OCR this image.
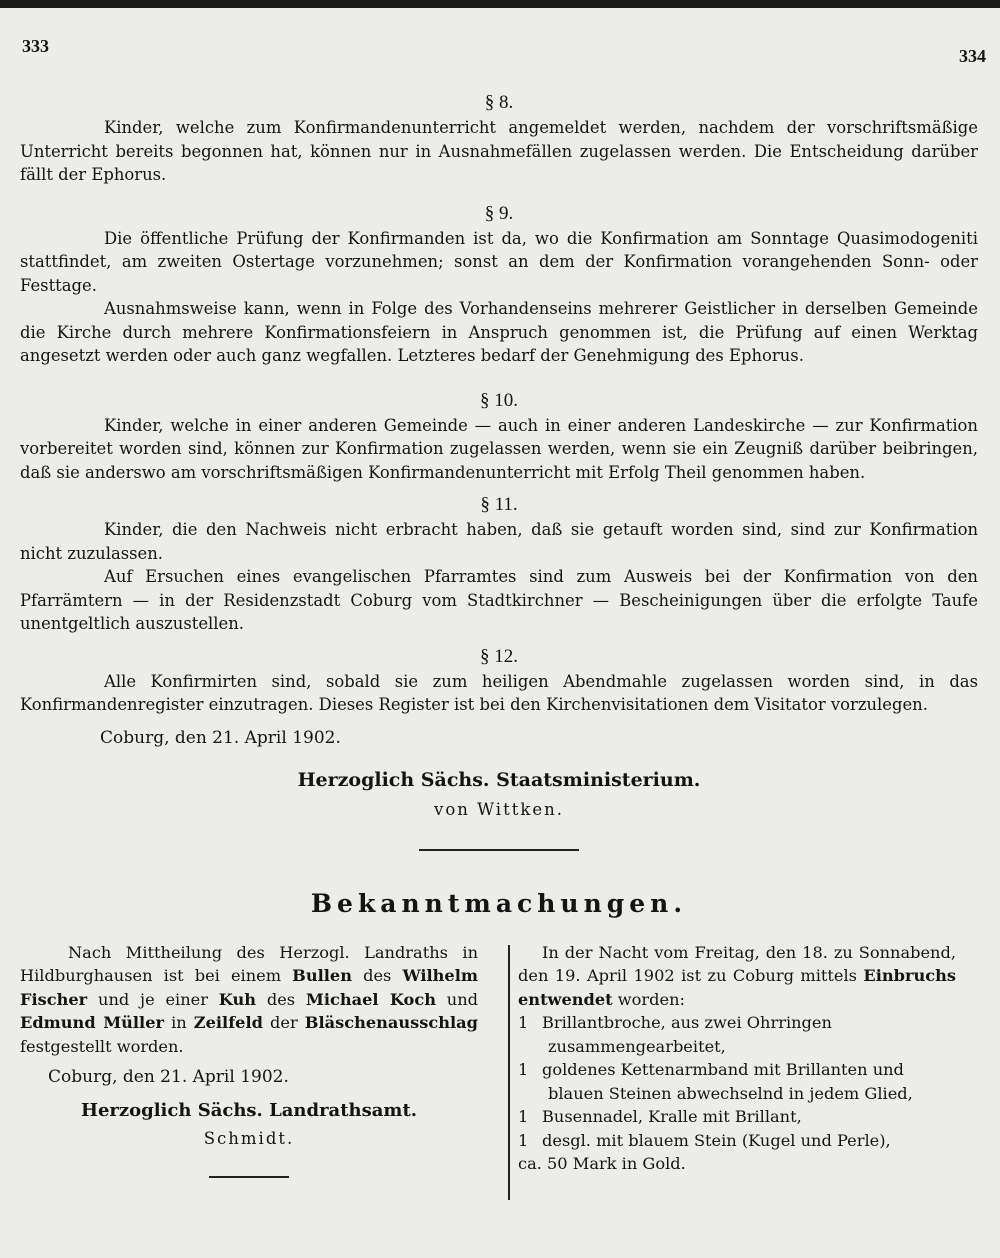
333	334

§ 8.

Kinder, welche zum Konfirmandenunterricht angemeldet werden, nachdem der vorschriftsmäßige Unterricht bereits begonnen hat, können nur in Ausnahmefällen zugelassen werden. Die Entscheidung darüber fällt der Ephorus.

§ 9.

Die öffentliche Prüfung der Konfirmanden ist da, wo die Konfirmation am Sonntage Quasimodogeniti stattfindet, am zweiten Ostertage vorzunehmen; sonst an dem der Konfirmation vorangehenden Sonn- oder Festtage.

Ausnahmsweise kann, wenn in Folge des Vorhandenseins mehrerer Geistlicher in derselben Gemeinde die Kirche durch mehrere Konfirmationsfeiern in Anspruch genommen ist, die Prüfung auf einen Werktag angesetzt werden oder auch ganz wegfallen. Letzteres bedarf der Genehmigung des Ephorus.

§ 10.

Kinder, welche in einer anderen Gemeinde — auch in einer anderen Landeskirche — zur Konfirmation vorbereitet worden sind, können zur Konfirmation zugelassen werden, wenn sie ein Zeugniß darüber beibringen, daß sie anderswo am vorschriftsmäßigen Konfirmandenunterricht mit Erfolg Theil genommen haben.

§ 11.

Kinder, die den Nachweis nicht erbracht haben, daß sie getauft worden sind, sind zur Konfirmation nicht zuzulassen.

Auf Ersuchen eines evangelischen Pfarramtes sind zum Ausweis bei der Konfirmation von den Pfarrämtern — in der Residenzstadt Coburg vom Stadtkirchner — Bescheinigungen über die erfolgte Taufe unentgeltlich auszustellen.

§ 12.

Alle Konfirmirten sind, sobald sie zum heiligen Abendmahle zugelassen worden sind, in das Konfirmandenregister einzutragen. Dieses Register ist bei den Kirchenvisitationen dem Visitator vorzulegen.

Coburg, den 21. April 1902.
Herzoglich Sächs. Staatsministerium.
von Wittken.
Bekanntmachungen.

Nach Mittheilung des Herzogl. Landraths in Hildburghausen ist bei einem Bullen des Wilhelm Fischer und je einer Kuh des Michael Koch und Edmund Müller in Zeilfeld der Bläschenausschlag festgestellt worden.

Coburg, den 21. April 1902.
Herzoglich Sächs. Landrathsamt.
Schmidt.

In der Nacht vom Freitag, den 18. zu Sonnabend, den 19. April 1902 ist zu Coburg mittels Einbruchs entwendet worden:

1 Brillantbroche, aus zwei Ohrringen zusammengearbeitet,
1 goldenes Kettenarmband mit Brillanten und blauen Steinen abwechselnd in jedem Glied,
1 Busennadel, Kralle mit Brillant,
1 desgl. mit blauem Stein (Kugel und Perle),
ca. 50 Mark in Gold.
